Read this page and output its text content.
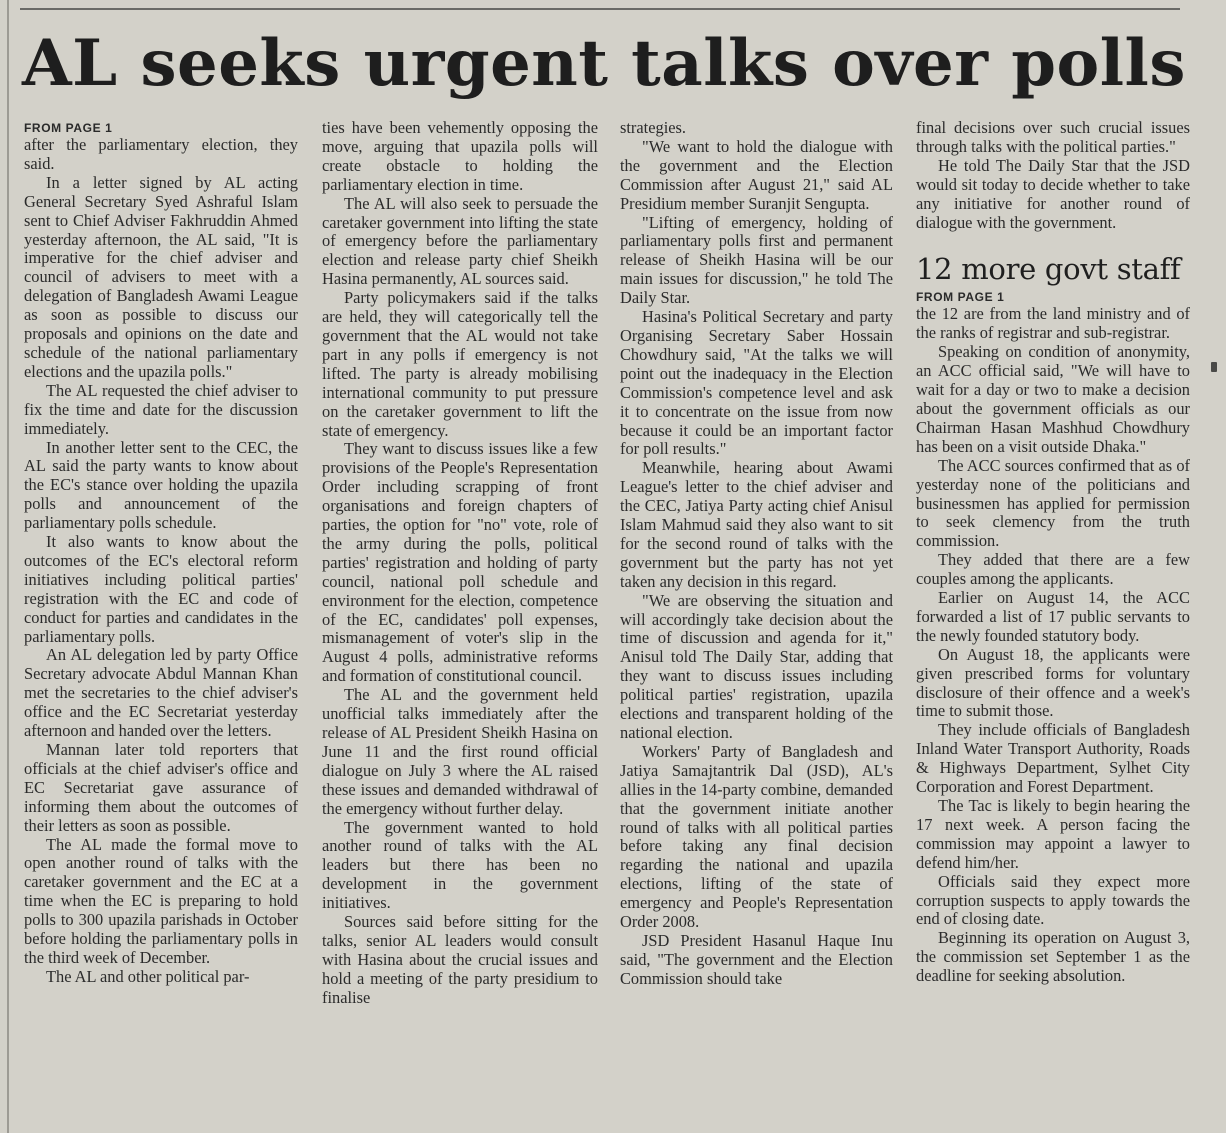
AL seeks urgent talks over polls
FROM PAGE 1

after the parliamentary election, they said.

In a letter signed by AL acting General Secretary Syed Ashraful Islam sent to Chief Adviser Fakhruddin Ahmed yesterday afternoon, the AL said, "It is imperative for the chief adviser and council of advisers to meet with a delegation of Bangladesh Awami League as soon as possible to discuss our proposals and opinions on the date and schedule of the national parliamentary elections and the upazila polls."

The AL requested the chief adviser to fix the time and date for the discussion immediately.

In another letter sent to the CEC, the AL said the party wants to know about the EC's stance over holding the upazila polls and announcement of the parliamentary polls schedule.

It also wants to know about the outcomes of the EC's electoral reform initiatives including political parties' registration with the EC and code of conduct for parties and candidates in the parliamentary polls.

An AL delegation led by party Office Secretary advocate Abdul Mannan Khan met the secretaries to the chief adviser's office and the EC Secretariat yesterday afternoon and handed over the letters.

Mannan later told reporters that officials at the chief adviser's office and EC Secretariat gave assurance of informing them about the outcomes of their letters as soon as possible.

The AL made the formal move to open another round of talks with the caretaker government and the EC at a time when the EC is preparing to hold polls to 300 upazila parishads in October before holding the parliamentary polls in the third week of December.

The AL and other political par-

ties have been vehemently opposing the move, arguing that upazila polls will create obstacle to holding the parliamentary election in time.

The AL will also seek to persuade the caretaker government into lifting the state of emergency before the parliamentary election and release party chief Sheikh Hasina permanently, AL sources said.

Party policymakers said if the talks are held, they will categorically tell the government that the AL would not take part in any polls if emergency is not lifted. The party is already mobilising international community to put pressure on the caretaker government to lift the state of emergency.

They want to discuss issues like a few provisions of the People's Representation Order including scrapping of front organisations and foreign chapters of parties, the option for "no" vote, role of the army during the polls, political parties' registration and holding of party council, national poll schedule and environment for the election, competence of the EC, candidates' poll expenses, mismanagement of voter's slip in the August 4 polls, administrative reforms and formation of constitutional council.

The AL and the government held unofficial talks immediately after the release of AL President Sheikh Hasina on June 11 and the first round official dialogue on July 3 where the AL raised these issues and demanded withdrawal of the emergency without further delay.

The government wanted to hold another round of talks with the AL leaders but there has been no development in the government initiatives.

Sources said before sitting for the talks, senior AL leaders would consult with Hasina about the crucial issues and hold a meeting of the party presidium to finalise

strategies.

"We want to hold the dialogue with the government and the Election Commission after August 21," said AL Presidium member Suranjit Sengupta.

"Lifting of emergency, holding of parliamentary polls first and permanent release of Sheikh Hasina will be our main issues for discussion," he told The Daily Star.

Hasina's Political Secretary and party Organising Secretary Saber Hossain Chowdhury said, "At the talks we will point out the inadequacy in the Election Commission's competence level and ask it to concentrate on the issue from now because it could be an important factor for poll results."

Meanwhile, hearing about Awami League's letter to the chief adviser and the CEC, Jatiya Party acting chief Anisul Islam Mahmud said they also want to sit for the second round of talks with the government but the party has not yet taken any decision in this regard.

"We are observing the situation and will accordingly take decision about the time of discussion and agenda for it," Anisul told The Daily Star, adding that they want to discuss issues including political parties' registration, upazila elections and transparent holding of the national election.

Workers' Party of Bangladesh and Jatiya Samajtantrik Dal (JSD), AL's allies in the 14-party combine, demanded that the government initiate another round of talks with all political parties before taking any final decision regarding the national and upazila elections, lifting of the state of emergency and People's Representation Order 2008.

JSD President Hasanul Haque Inu said, "The government and the Election Commission should take

final decisions over such crucial issues through talks with the political parties."

He told The Daily Star that the JSD would sit today to decide whether to take any initiative for another round of dialogue with the government.

12 more govt staff
FROM PAGE 1

the 12 are from the land ministry and of the ranks of registrar and sub-registrar.

Speaking on condition of anonymity, an ACC official said, "We will have to wait for a day or two to make a decision about the government officials as our Chairman Hasan Mashhud Chowdhury has been on a visit outside Dhaka."

The ACC sources confirmed that as of yesterday none of the politicians and businessmen has applied for permission to seek clemency from the truth commission.

They added that there are a few couples among the applicants.

Earlier on August 14, the ACC forwarded a list of 17 public servants to the newly founded statutory body.

On August 18, the applicants were given prescribed forms for voluntary disclosure of their offence and a week's time to submit those.

They include officials of Bangladesh Inland Water Transport Authority, Roads & Highways Department, Sylhet City Corporation and Forest Department.

The Tac is likely to begin hearing the 17 next week. A person facing the commission may appoint a lawyer to defend him/her.

Officials said they expect more corruption suspects to apply towards the end of closing date.

Beginning its operation on August 3, the commission set September 1 as the deadline for seeking absolution.
